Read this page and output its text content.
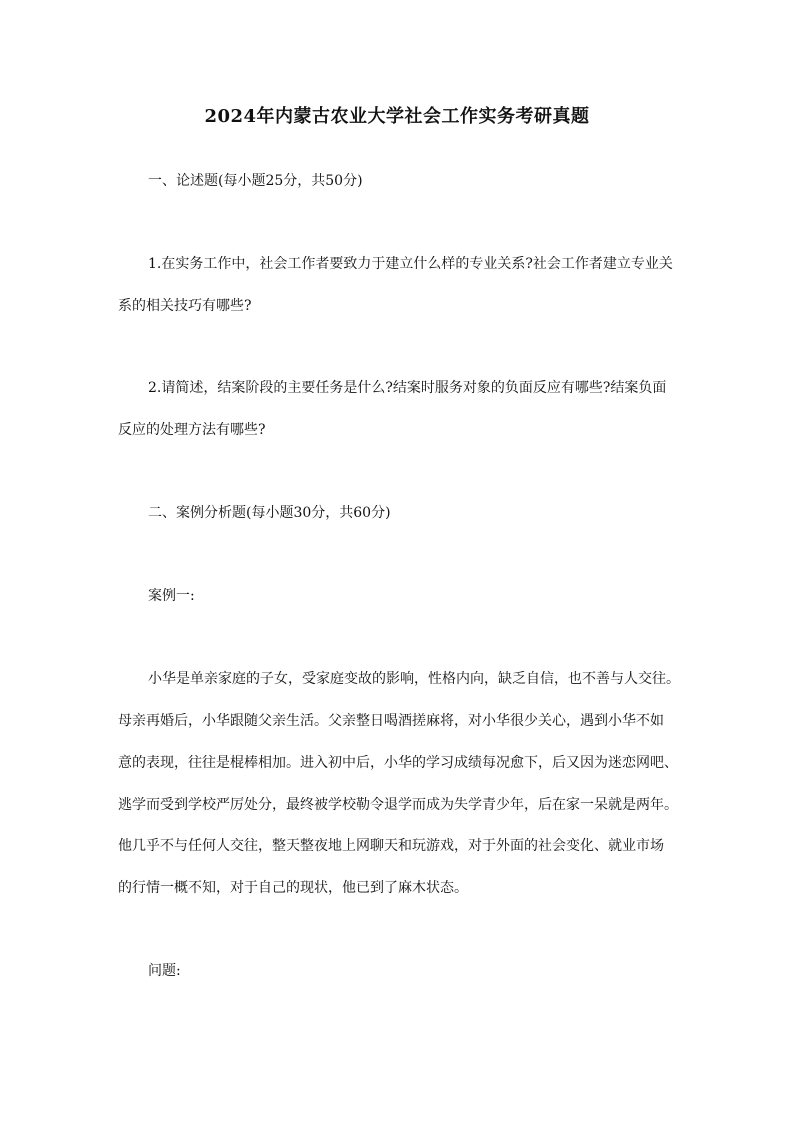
2024年内蒙古农业大学社会工作实务考研真题
一、论述题(每小题25分，共50分)
1.在实务工作中，社会工作者要致力于建立什么样的专业关系?社会工作者建立专业关
系的相关技巧有哪些?
2.请简述，结案阶段的主要任务是什么?结案时服务对象的负面反应有哪些?结案负面
反应的处理方法有哪些?
二、案例分析题(每小题30分，共60分)
案例一:
小华是单亲家庭的子女，受家庭变故的影响，性格内向，缺乏自信，也不善与人交往。
母亲再婚后，小华跟随父亲生活。父亲整日喝酒搓麻将，对小华很少关心，遇到小华不如
意的表现，往往是棍棒相加。进入初中后，小华的学习成绩每况愈下，后又因为迷恋网吧、
逃学而受到学校严厉处分，最终被学校勒令退学而成为失学青少年，后在家一呆就是两年。
他几乎不与任何人交往，整天整夜地上网聊天和玩游戏，对于外面的社会变化、就业市场
的行情一概不知，对于自己的现状，他已到了麻木状态。
问题:
